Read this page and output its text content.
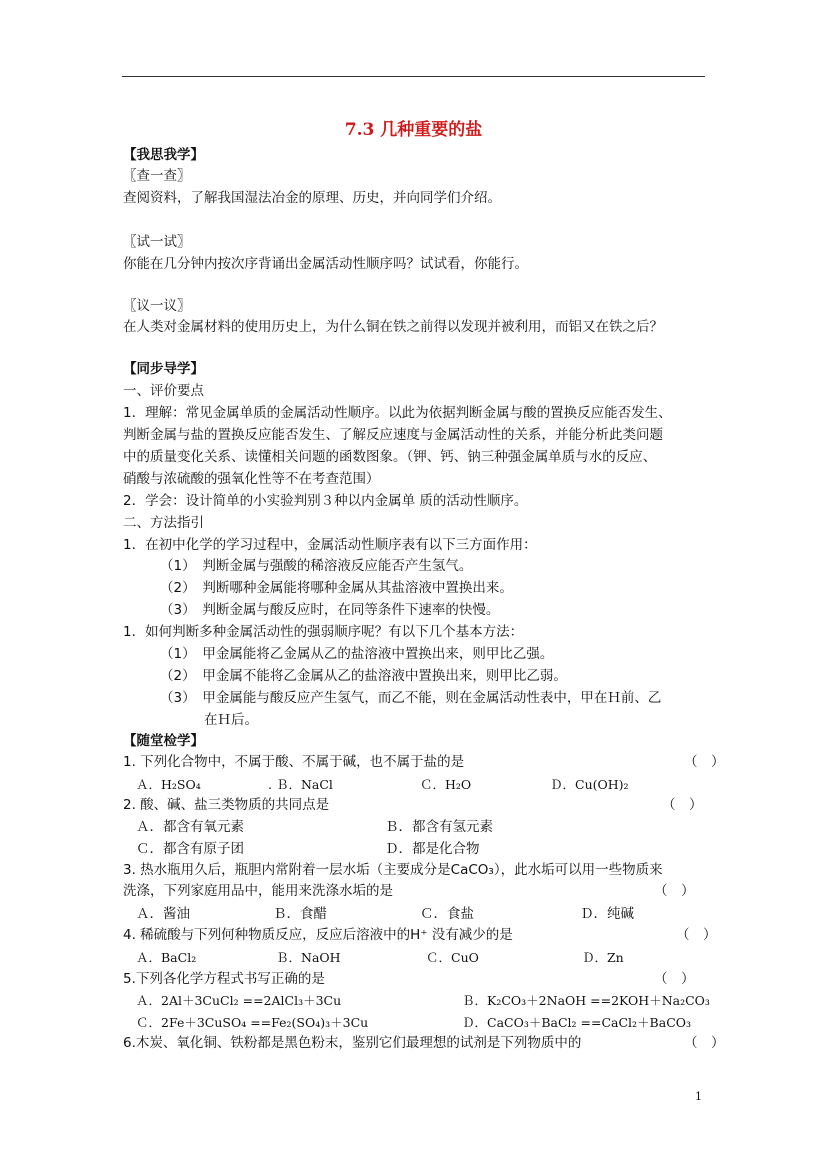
7.3 几种重要的盐
【我思我学】
〖查一查〗
查阅资料，了解我国湿法冶金的原理、历史，并向同学们介绍。
〖试一试〗
你能在几分钟内按次序背诵出金属活动性顺序吗？试试看，你能行。
〖议一议〗
在人类对金属材料的使用历史上，为什么铜在铁之前得以发现并被利用，而铝又在铁之后？
【同步导学】
一、评价要点
1．理解：常见金属单质的金属活动性顺序。以此为依据判断金属与酸的置换反应能否发生、
判断金属与盐的置换反应能否发生、了解反应速度与金属活动性的关系，并能分析此类问题
中的质量变化关系、读懂相关问题的函数图象。（钾、钙、钠三种强金属单质与水的反应、
硝酸与浓硫酸的强氧化性等不在考查范围）
2．学会：设计简单的小实验判别３种以内金属单 质的活动性顺序。
二、方法指引
1．在初中化学的学习过程中，金属活动性顺序表有以下三方面作用：
（1）　判断金属与强酸的稀溶液反应能否产生氢气。
（2）　判断哪种金属能将哪种金属从其盐溶液中置换出来。
（3）　判断金属与酸反应时，在同等条件下速率的快慢。
1．如何判断多种金属活动性的强弱顺序呢？有以下几个基本方法：
（1）　甲金属能将乙金属从乙的盐溶液中置换出来，则甲比乙强。
（2）　甲金属不能将乙金属从乙的盐溶液中置换出来，则甲比乙弱。
（3）　甲金属能与酸反应产生氢气，而乙不能，则在金属活动性表中，甲在Ｈ前、乙
在Ｈ后。
【随堂检学】
1. 下列化合物中，不属于酸、不属于碱，也不属于盐的是	（　）
Ａ．H₂SO₄	. Ｂ．NaCl	Ｃ．H₂O	Ｄ．Cu(OH)₂
2. 酸、碱、盐三类物质的共同点是	（　）
Ａ．都含有氧元素	Ｂ．都含有氢元素
Ｃ．都含有原子团	Ｄ．都是化合物
3. 热水瓶用久后，瓶胆内常附着一层水垢（主要成分是CaCO₃），此水垢可以用一些物质来
洗涤，下列家庭用品中，能用来洗涤水垢的是	（　）
Ａ．酱油	Ｂ．食醋	Ｃ．食盐	Ｄ．纯碱
4. 稀硫酸与下列何种物质反应，反应后溶液中的H⁺ 没有减少的是	（　）
Ａ．BaCl₂	Ｂ．NaOH	Ｃ．CuO	Ｄ．Zn
5.下列各化学方程式书写正确的是	（　）
Ａ．2Al＋3CuCl₂ ==2AlCl₃＋3Cu	Ｂ．K₂CO₃＋2NaOH ==2KOH＋Na₂CO₃
Ｃ．2Fe＋3CuSO₄ ==Fe₂(SO₄)₃＋3Cu	Ｄ．CaCO₃＋BaCl₂ ==CaCl₂＋BaCO₃
6.木炭、氧化铜、铁粉都是黑色粉末，鉴别它们最理想的试剂是下列物质中的	（　）
1
